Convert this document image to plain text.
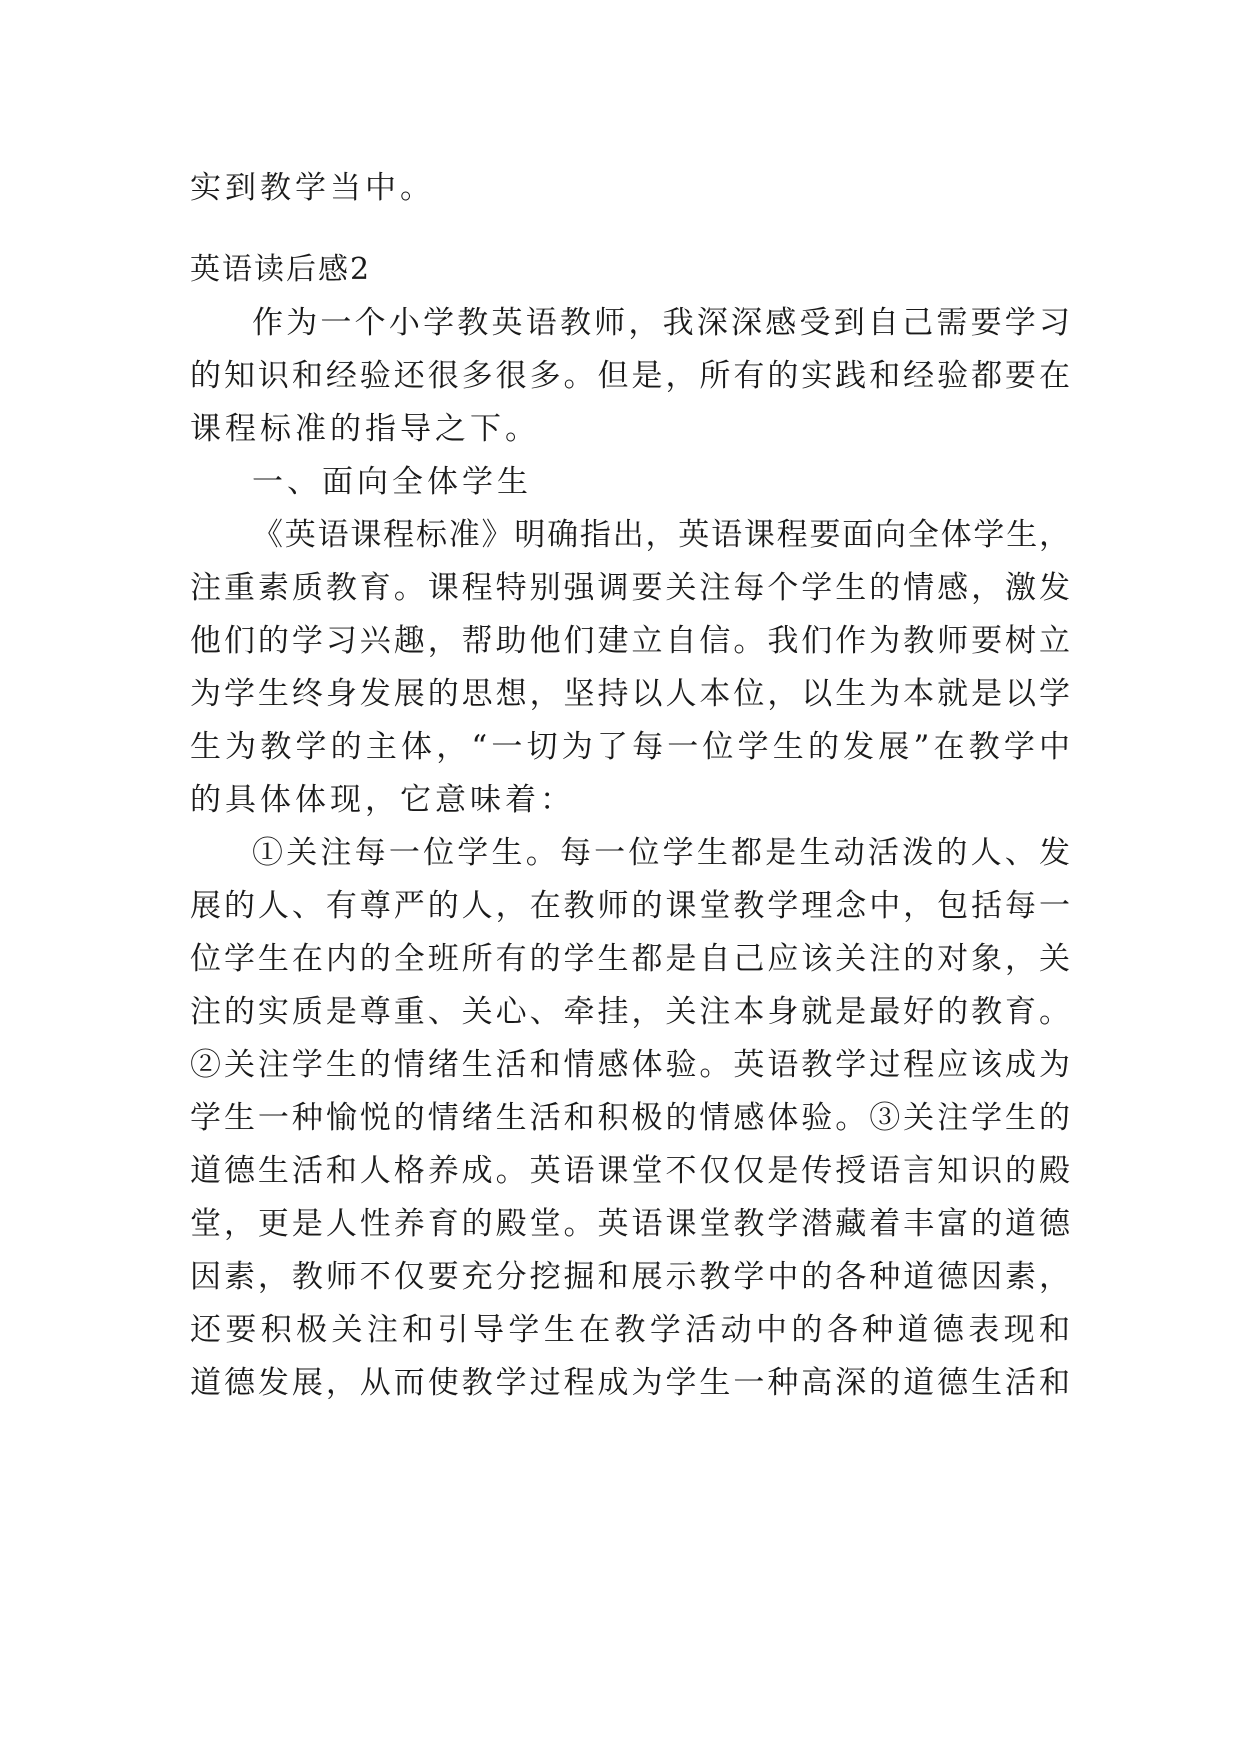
实到教学当中。
英语读后感2
作为一个小学教英语教师，我深深感受到自己需要学习
的知识和经验还很多很多。但是，所有的实践和经验都要在
课程标准的指导之下。
一、面向全体学生
《英语课程标准》明确指出，英语课程要面向全体学生，
注重素质教育。课程特别强调要关注每个学生的情感，激发
他们的学习兴趣，帮助他们建立自信。我们作为教师要树立
为学生终身发展的思想，坚持以人本位，以生为本就是以学
生为教学的主体，“一切为了每一位学生的发展”在教学中
的具体体现，它意味着：
①关注每一位学生。每一位学生都是生动活泼的人、发
展的人、有尊严的人，在教师的课堂教学理念中，包括每一
位学生在内的全班所有的学生都是自己应该关注的对象，关
注的实质是尊重、关心、牵挂，关注本身就是最好的教育。
②关注学生的情绪生活和情感体验。英语教学过程应该成为
学生一种愉悦的情绪生活和积极的情感体验。③关注学生的
道德生活和人格养成。英语课堂不仅仅是传授语言知识的殿
堂，更是人性养育的殿堂。英语课堂教学潜藏着丰富的道德
因素，教师不仅要充分挖掘和展示教学中的各种道德因素，
还要积极关注和引导学生在教学活动中的各种道德表现和
道德发展，从而使教学过程成为学生一种高深的道德生活和
